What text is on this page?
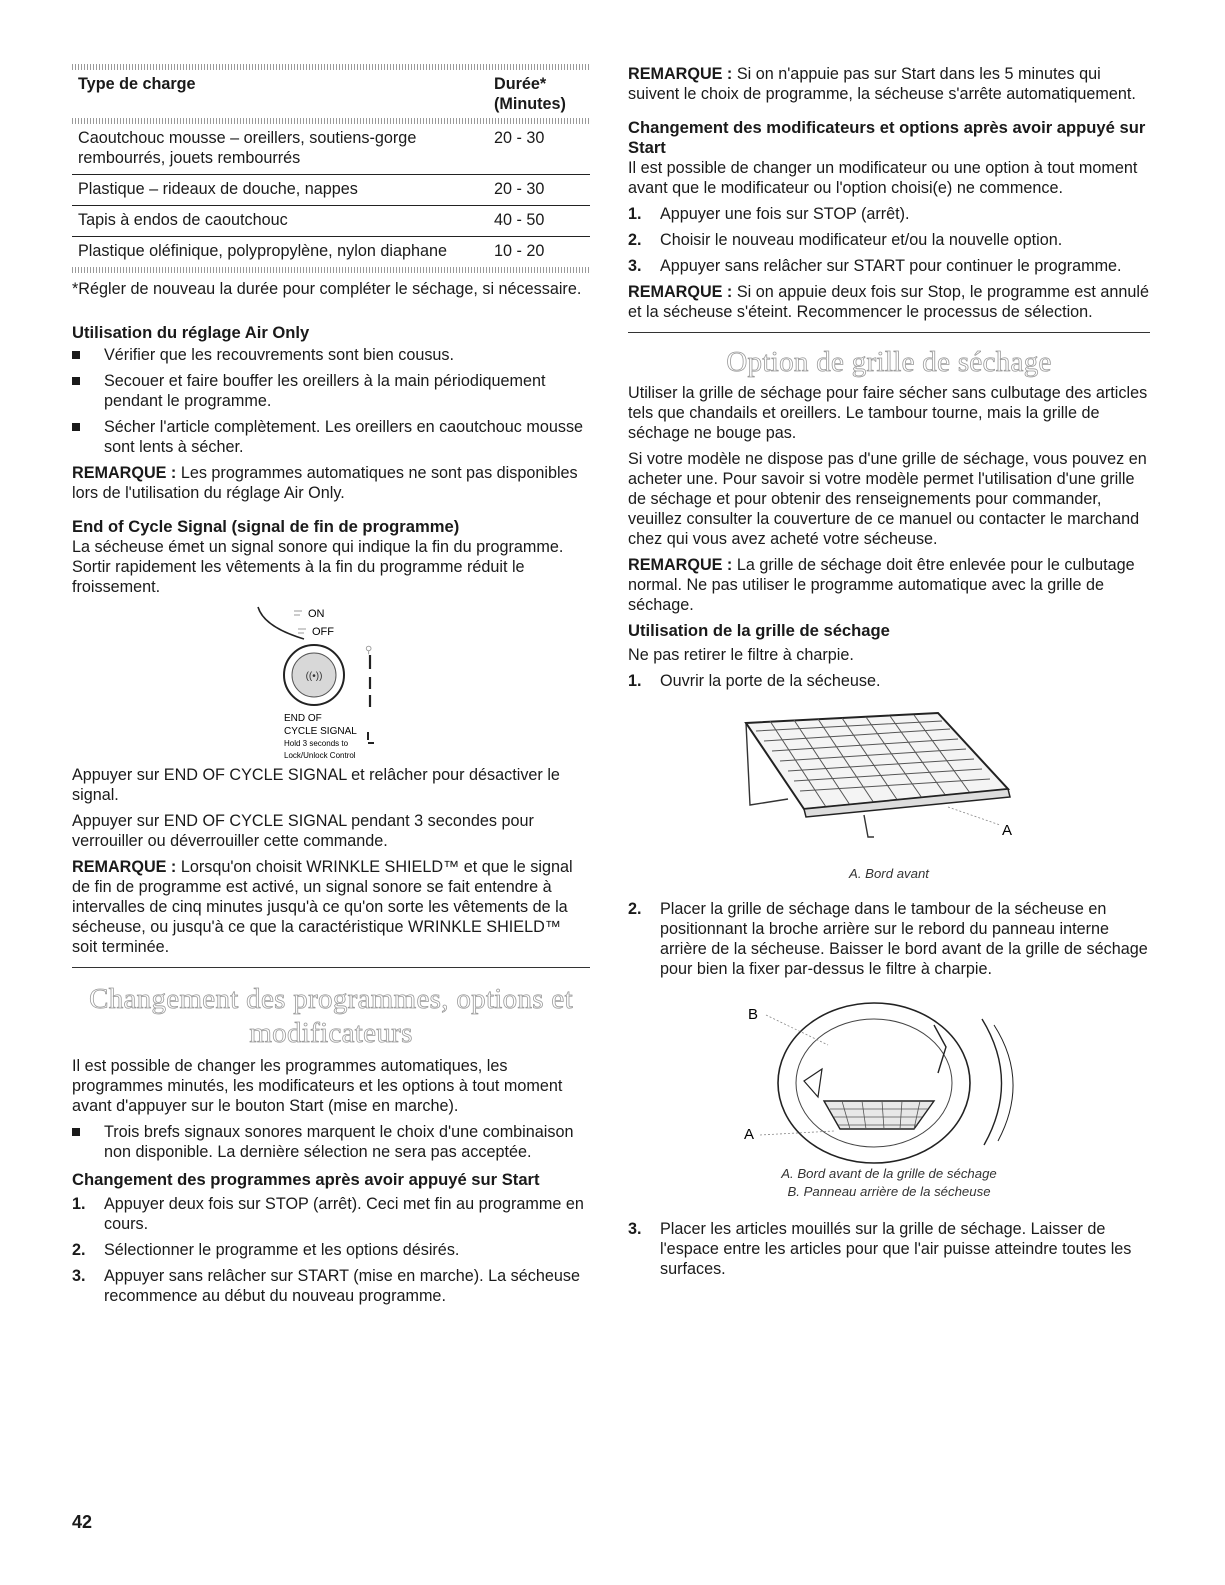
Type de charge	Durée*
(Minutes)

Caoutchouc mousse – oreillers, soutiens-gorge rembourrés, jouets rembourrés	20 - 30
Plastique – rideaux de douche, nappes	20 - 30
Tapis à endos de caoutchouc	40 - 50
Plastique oléfinique, polypropylène, nylon diaphane	10 - 20

*Régler de nouveau la durée pour compléter le séchage, si nécessaire.

Utilisation du réglage Air Only
Vérifier que les recouvrements sont bien cousus.
Secouer et faire bouffer les oreillers à la main périodiquement pendant le programme.
Sécher l'article complètement. Les oreillers en caoutchouc mousse sont lents à sécher.

REMARQUE : Les programmes automatiques ne sont pas disponibles lors de l'utilisation du réglage Air Only.

End of Cycle Signal (signal de fin de programme)

La sécheuse émet un signal sonore qui indique la fin du programme. Sortir rapidement les vêtements à la fin du programme réduit le froissement.

ON
OFF
((•))
⚲
END OF
CYCLE SIGNAL
Hold 3 seconds to
Lock/Unlock Control

Appuyer sur END OF CYCLE SIGNAL et relâcher pour désactiver le signal.

Appuyer sur END OF CYCLE SIGNAL pendant 3 secondes pour verrouiller ou déverrouiller cette commande.

REMARQUE : Lorsqu'on choisit WRINKLE SHIELD™ et que le signal de fin de programme est activé, un signal sonore se fait entendre à intervalles de cinq minutes jusqu'à ce qu'on sorte les vêtements de la sécheuse, ou jusqu'à ce que la caractéristique WRINKLE SHIELD™ soit terminée.

Changement des programmes, options et
modificateurs

Il est possible de changer les programmes automatiques, les programmes minutés, les modificateurs et les options à tout moment avant d'appuyer sur le bouton Start (mise en marche).

Trois brefs signaux sonores marquent le choix d'une combinaison non disponible. La dernière sélection ne sera pas acceptée.
Changement des programmes après avoir appuyé sur Start
1. Appuyer deux fois sur STOP (arrêt). Ceci met fin au programme en cours.
2. Sélectionner le programme et les options désirés.
3. Appuyer sans relâcher sur START (mise en marche). La sécheuse recommence au début du nouveau programme.

REMARQUE : Si on n'appuie pas sur Start dans les 5 minutes qui suivent le choix de programme, la sécheuse s'arrête automatiquement.

Changement des modificateurs et options après avoir appuyé sur Start

Il est possible de changer un modificateur ou une option à tout moment avant que le modificateur ou l'option choisi(e) ne commence.

1. Appuyer une fois sur STOP (arrêt).
2. Choisir le nouveau modificateur et/ou la nouvelle option.
3. Appuyer sans relâcher sur START pour continuer le programme.

REMARQUE : Si on appuie deux fois sur Stop, le programme est annulé et la sécheuse s'éteint. Recommencer le processus de sélection.

Option de grille de séchage

Utiliser la grille de séchage pour faire sécher sans culbutage des articles tels que chandails et oreillers. Le tambour tourne, mais la grille de séchage ne bouge pas.

Si votre modèle ne dispose pas d'une grille de séchage, vous pouvez en acheter une. Pour savoir si votre modèle permet l'utilisation d'une grille de séchage et pour obtenir des renseignements pour commander, veuillez consulter la couverture de ce manuel ou contacter le marchand chez qui vous avez acheté votre sécheuse.

REMARQUE : La grille de séchage doit être enlevée pour le culbutage normal. Ne pas utiliser le programme automatique avec la grille de séchage.

Utilisation de la grille de séchage

Ne pas retirer le filtre à charpie.

1. Ouvrir la porte de la sécheuse.
A

A. Bord avant

2. Placer la grille de séchage dans le tambour de la sécheuse en positionnant la broche arrière sur le rebord du panneau interne arrière de la sécheuse. Baisser le bord avant de la grille de séchage pour bien la fixer par-dessus le filtre à charpie.
B
A

A. Bord avant de la grille de séchage

B. Panneau arrière de la sécheuse

3. Placer les articles mouillés sur la grille de séchage. Laisser de l'espace entre les articles pour que l'air puisse atteindre toutes les surfaces.
42
